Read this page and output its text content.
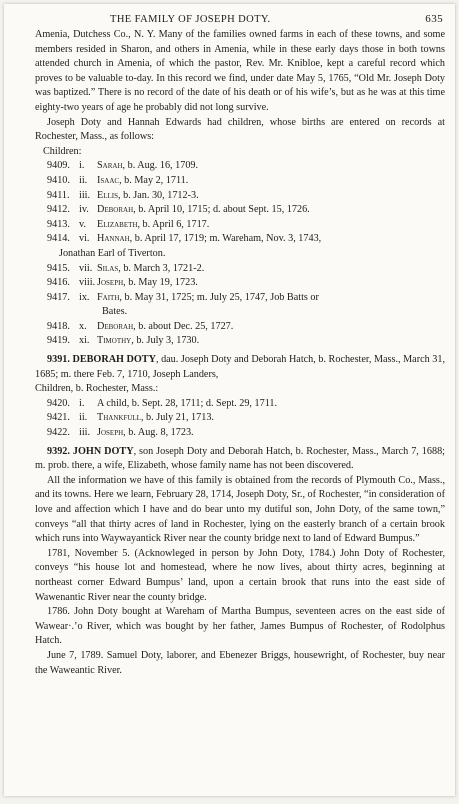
THE FAMILY OF JOSEPH DOTY.	635

Amenia, Dutchess Co., N. Y. Many of the families owned farms in each of these towns, and some members resided in Sharon, and others in Amenia, while in these early days those in both towns attended church in Amenia, of which the pastor, Rev. Mr. Knibloe, kept a careful record which proves to be valuable to-day. In this record we find, under date May 5, 1765, “Old Mr. Joseph Doty was baptized.” There is no record of the date of his death or of his wife’s, but as he was at this time eighty-two years of age he probably did not long survive.

Joseph Doty and Hannah Edwards had children, whose births are entered on records at Rochester, Mass., as follows:

Children:
9409. i.	Sarah, b. Aug. 16, 1709.
9410. ii. Isaac, b. May 2, 1711.
9411. iii. Ellis, b. Jan. 30, 1712-3.
9412. iv. Deborah, b. April 10, 1715; d. about Sept. 15, 1726.
9413. v.	Elizabeth, b. April 6, 1717.
9414. vi. Hannah, b. April 17, 1719; m. Wareham, Nov. 3, 1743,
Jonathan Earl of Tiverton.
9415. vii. Silas, b. March 3, 1721-2.
9416. viii. Joseph, b. May 19, 1723.
9417. ix. Faith, b. May 31, 1725; m. July 25, 1747, Job Batts or
Bates.
9418. x.	Deborah, b. about Dec. 25, 1727.
9419. xi. Timothy, b. July 3, 1730.

9391. DEBORAH DOTY, dau. Joseph Doty and Deborah Hatch, b. Rochester, Mass., March 31, 1685; m. there Feb. 7, 1710, Joseph Landers,

Children, b. Rochester, Mass.:
9420. i.	A child, b. Sept. 28, 1711; d. Sept. 29, 1711.
9421. ii. Thankfull, b. July 21, 1713.
9422. iii. Joseph, b. Aug. 8, 1723.

9392. JOHN DOTY, son Joseph Doty and Deborah Hatch, b. Rochester, Mass., March 7, 1688; m. prob. there, a wife, Elizabeth, whose family name has not been discovered.

All the information we have of this family is obtained from the records of Plymouth Co., Mass., and its towns. Here we learn, February 28, 1714, Joseph Doty, Sr., of Rochester, “in consideration of love and affection which I have and do bear unto my dutiful son, John Doty, of the same town,” conveys “all that thirty acres of land in Rochester, lying on the easterly branch of a certain brook which runs into Waywayantick River near the county bridge next to land of Edward Bumpus.”

1781, November 5. (Acknowleged in person by John Doty, 1784.) John Doty of Rochester, conveys “his house lot and homestead, where he now lives, about thirty acres, beginning at northeast corner Edward Bumpus’ land, upon a certain brook that runs into the east side of Wawenantic River near the county bridge.

1786. John Doty bought at Wareham of Martha Bumpus, seventeen acres on the east side of Wawear·.’o River, which was bought by her father, James Bumpus of Rochester, of Rodolphus Hatch.

June 7, 1789. Samuel Doty, laborer, and Ebenezer Briggs, housewright, of Rochester, buy near the Waweantic River.
